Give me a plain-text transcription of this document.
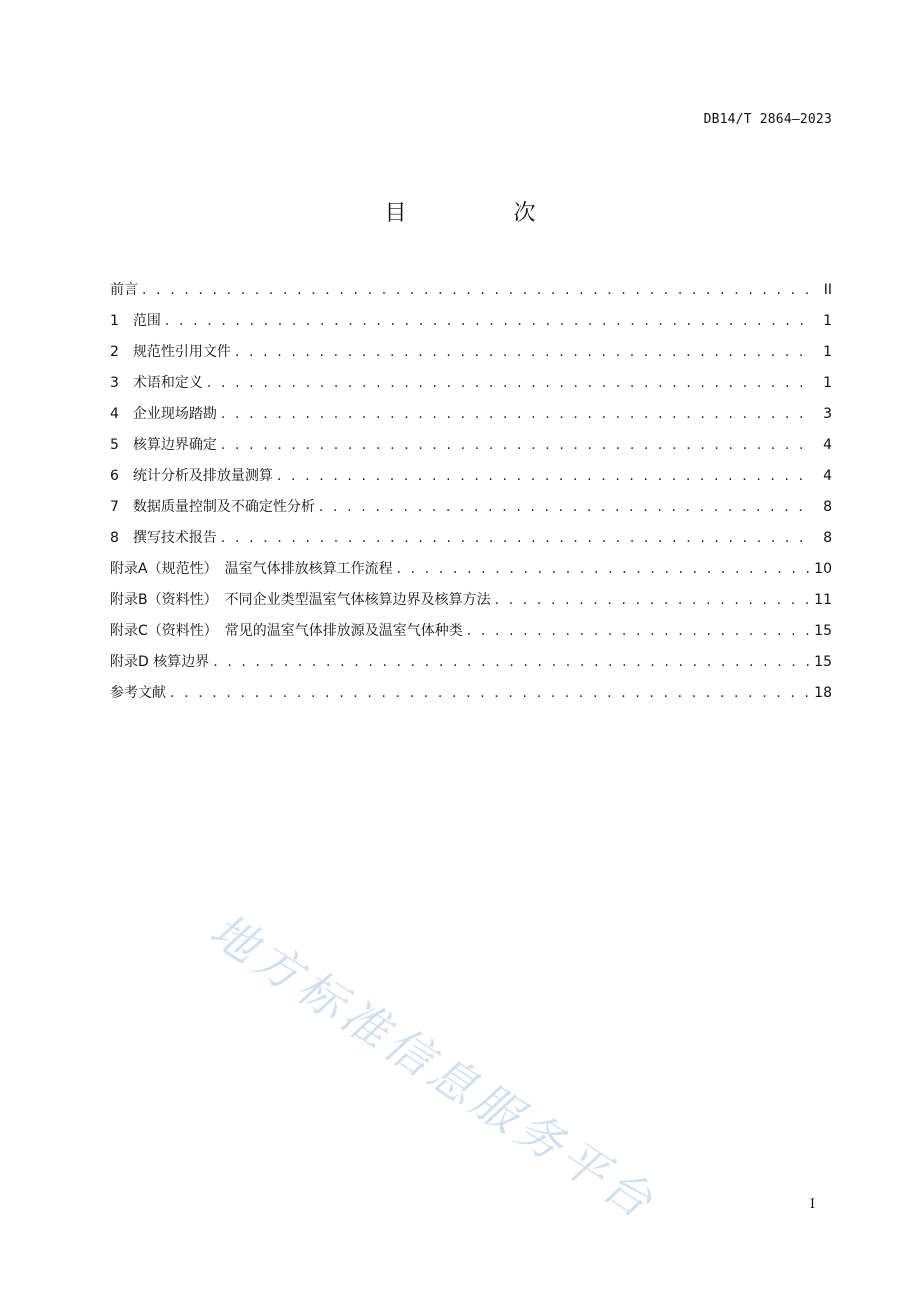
DB14/T 2864—2023
目 次
前言 . . .	II
1　范围 . . .	1
2　规范性引用文件 . . .	1
3　术语和定义 . . .	1
4　企业现场踏勘 . . .	3
5　核算边界确定 . . .	4
6　统计分析及排放量测算 . . .	4
7　数据质量控制及不确定性分析 . . .	8
8　撰写技术报告 . . .	8
附录A（规范性）　温室气体排放核算工作流程 . . .	10
附录B（资料性）　不同企业类型温室气体核算边界及核算方法 . . .	11
附录C（资料性）　常见的温室气体排放源及温室气体种类 . . .	15
附录D 核算边界 . . .	15
参考文献 . . .	18
地方标准信息服务平台	I
